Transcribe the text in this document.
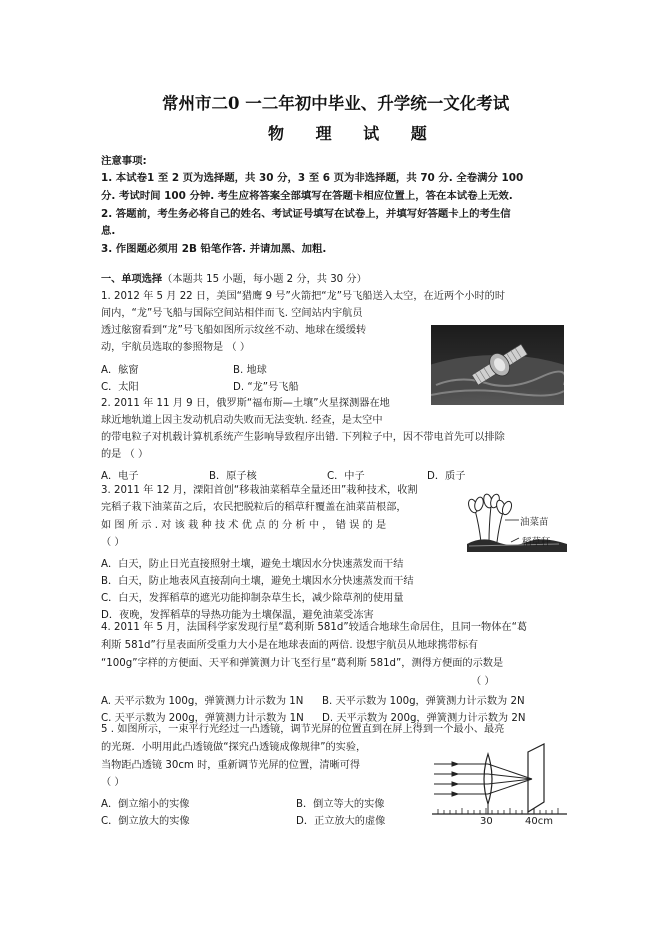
常州市二0 一二年初中毕业、升学统一文化考试
物 理 试 题
注意事项:
1. 本试卷1 至 2 页为选择题，共 30 分，3 至 6 页为非选择题，共 70 分. 全卷满分 100
分. 考试时间 100 分钟. 考生应将答案全部填写在答题卡相应位置上，答在本试卷上无效.
2. 答题前，考生务必将自己的姓名、考试证号填写在试卷上，并填写好答题卡上的考生信
息.
3. 作图题必须用 2B 铅笔作答. 并请加黑、加粗.
一、单项选择（本题共 15 小题，每小题 2 分，共 30 分）
1. 2012 年 5 月 22 日，美国“猎鹰 9 号”火箭把“龙”号飞船送入太空，在近两个小时的时
间内，“龙”号飞船与国际空间站相伴而飞. 空间站内宇航员
透过舷窗看到“龙”号飞船如图所示纹丝不动、地球在缓缓转
动，宇航员选取的参照物是 （ ）
A．舷窗	B. 地球
C．太阳	D. “龙”号飞船
2. 2011 年 11 月 9 日，俄罗斯“福布斯—土壤”火星探测器在地
球近地轨道上因主发动机启动失败而无法变轨. 经查，是太空中
的带电粒子对机载计算机系统产生影响导致程序出错. 下列粒子中，因不带电首先可以排除
的是 （ ）
A．电子	B．原子核	C．中子	D．质子
3. 2011 年 12 月，溧阳首创“移栽油菜稻草全量还田”栽种技术，收割
完稻子栽下油菜苗之后，农民把脱粒后的稻草秆覆盖在油菜苗根部，
如 图 所 示 . 对 该 栽 种 技 术 优 点 的 分 析 中 ， 错 误 的 是
（ ）
油菜苗
稻草秆
A．白天，防止日光直接照射土壤，避免土壤因水分快速蒸发而干结
B．白天，防止地表风直接刮向土壤，避免土壤因水分快速蒸发而干结
C．白天，发挥稻草的遮光功能抑制杂草生长，减少除草剂的使用量
D．夜晚，发挥稻草的导热功能为土壤保温，避免油菜受冻害
4. 2011 年 5 月，法国科学家发现行星“葛利斯 581d”较适合地球生命居住，且同一物体在“葛
利斯 581d”行星表面所受重力大小是在地球表面的两倍. 设想宇航员从地球携带标有
“100g”字样的方便面、天平和弹簧测力计飞至行星“葛利斯 581d”，测得方便面的示数是
（ ）
A. 天平示数为 100g，弹簧测力计示数为 1N B. 天平示数为 100g，弹簧测力计示数为 2N
C. 天平示数为 200g，弹簧测力计示数为 1N D. 天平示数为 200g，弹簧测力计示数为 2N
5 . 如图所示，一束平行光经过一凸透镜，调节光屏的位置直到在屏上得到一个最小、最亮
的光斑．小明用此凸透镜做“探究凸透镜成像规律”的实验，
当物距凸透镜 30cm 时，重新调节光屏的位置，清晰可得
（ ）
30	40cm
A．倒立缩小的实像	B．倒立等大的实像
C．倒立放大的实像	D．正立放大的虚像
